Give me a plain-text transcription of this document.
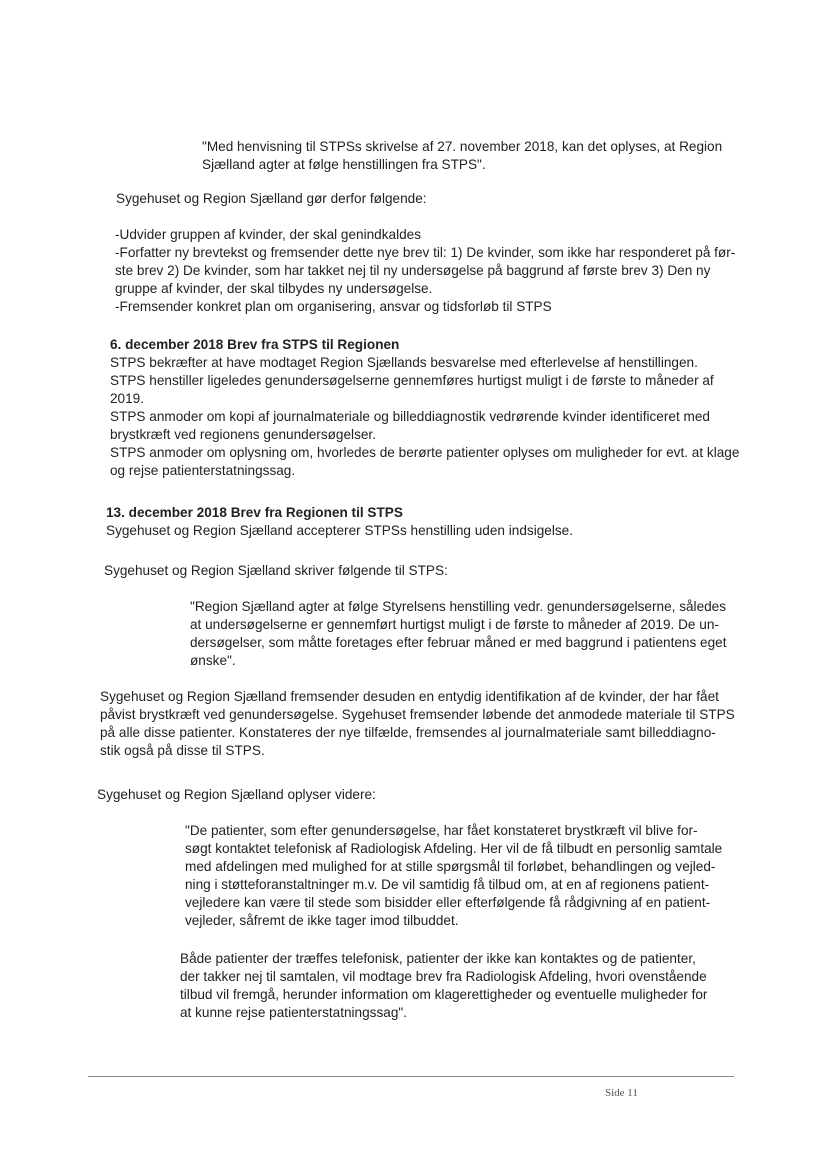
"Med henvisning til STPSs skrivelse af 27. november 2018, kan det oplyses, at Region
Sjælland agter at følge henstillingen fra STPS".

Sygehuset og Region Sjælland gør derfor følgende:

-Udvider gruppen af kvinder, der skal genindkaldes
-Forfatter ny brevtekst og fremsender dette nye brev til: 1) De kvinder, som ikke har responderet på før-
ste brev 2) De kvinder, som har takket nej til ny undersøgelse på baggrund af første brev 3) Den ny
gruppe af kvinder, der skal tilbydes ny undersøgelse.
-Fremsender konkret plan om organisering, ansvar og tidsforløb til STPS

6. december 2018 Brev fra STPS til Regionen

STPS bekræfter at have modtaget Region Sjællands besvarelse med efterlevelse af henstillingen.
STPS henstiller ligeledes genundersøgelserne gennemføres hurtigst muligt i de første to måneder af
2019.
STPS anmoder om kopi af journalmateriale og billeddiagnostik vedrørende kvinder identificeret med
brystkræft ved regionens genundersøgelser.
STPS anmoder om oplysning om, hvorledes de berørte patienter oplyses om muligheder for evt. at klage
og rejse patienterstatningssag.

13. december 2018 Brev fra Regionen til STPS

Sygehuset og Region Sjælland accepterer STPSs henstilling uden indsigelse.

Sygehuset og Region Sjælland skriver følgende til STPS:

"Region Sjælland agter at følge Styrelsens henstilling vedr. genundersøgelserne, således
at undersøgelserne er gennemført hurtigst muligt i de første to måneder af 2019. De un-
dersøgelser, som måtte foretages efter februar måned er med baggrund i patientens eget
ønske".

Sygehuset og Region Sjælland fremsender desuden en entydig identifikation af de kvinder, der har fået
påvist brystkræft ved genundersøgelse. Sygehuset fremsender løbende det anmodede materiale til STPS
på alle disse patienter. Konstateres der nye tilfælde, fremsendes al journalmateriale samt billeddiagno-
stik også på disse til STPS.

Sygehuset og Region Sjælland oplyser videre:

"De patienter, som efter genundersøgelse, har fået konstateret brystkræft vil blive for-
søgt kontaktet telefonisk af Radiologisk Afdeling. Her vil de få tilbudt en personlig samtale
med afdelingen med mulighed for at stille spørgsmål til forløbet, behandlingen og vejled-
ning i støtteforanstaltninger m.v. De vil samtidig få tilbud om, at en af regionens patient-
vejledere kan være til stede som bisidder eller efterfølgende få rådgivning af en patient-
vejleder, såfremt de ikke tager imod tilbuddet.

Både patienter der træffes telefonisk, patienter der ikke kan kontaktes og de patienter,
der takker nej til samtalen, vil modtage brev fra Radiologisk Afdeling, hvori ovenstående
tilbud vil fremgå, herunder information om klagerettigheder og eventuelle muligheder for
at kunne rejse patienterstatningssag".

Side 11
